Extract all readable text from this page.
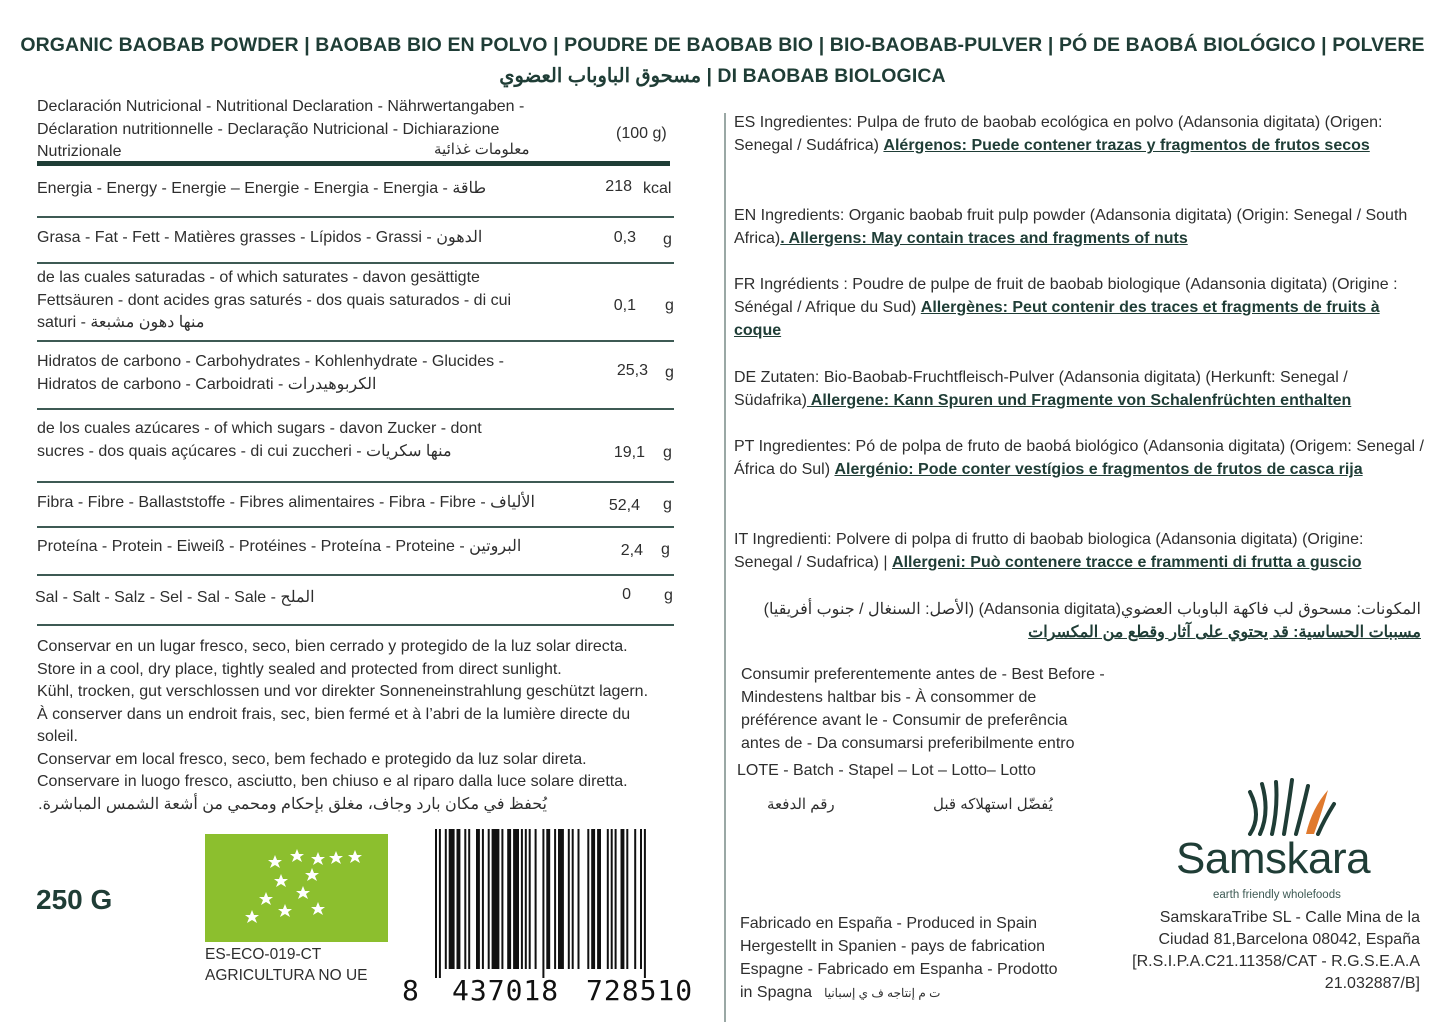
ORGANIC BAOBAB POWDER | BAOBAB BIO EN POLVO | POUDRE DE BAOBAB BIO | BIO-BAOBAB-PULVER | PÓ DE BAOBÁ BIOLÓGICO | POLVERE
مسحوق الباوباب العضوي | DI BAOBAB BIOLOGICA
Declaración Nutricional - Nutritional Declaration - Nährwertangaben -
Déclaration nutritionnelle - Declaração Nutricional - Dichiarazione
Nutrizionale	معلومات غذائية
(100 g)
Energia - Energy - Energie – Energie - Energia - Energia - طاقة	218 kcal
Grasa - Fat - Fett - Matières grasses - Lípidos - Grassi - الدهون	0,3 g
de las cuales saturadas - of which saturates - davon gesättigte
Fettsäuren - dont acides gras saturés - dos quais saturados - di cui
saturi - منها دهون مشبعة
0,1 g
Hidratos de carbono - Carbohydrates - Kohlenhydrate - Glucides -
Hidratos de carbono - Carboidrati - الكربوهيدرات
25,3 g
de los cuales azúcares - of which sugars - davon Zucker - dont
sucres - dos quais açúcares - di cui zuccheri - منها سكريات	19,1 g
Fibra - Fibre - Ballaststoffe - Fibres alimentaires - Fibra - Fibre - الألياف	52,4 g
Proteína - Protein - Eiweiß - Protéines - Proteína - Proteine - البروتين	2,4 g
Sal - Salt - Salz - Sel - Sal - Sale - الملح	0 g
Conservar en un lugar fresco, seco, bien cerrado y protegido de la luz solar directa.
Store in a cool, dry place, tightly sealed and protected from direct sunlight.
Kühl, trocken, gut verschlossen und vor direkter Sonneneinstrahlung geschützt lagern.
À conserver dans un endroit frais, sec, bien fermé et à l’abri de la lumière directe du
soleil.
Conservar em local fresco, seco, bem fechado e protegido da luz solar direta.
Conservare in luogo fresco, asciutto, ben chiuso e al riparo dalla luce solare diretta.
يُحفظ في مكان بارد وجاف، مغلق بإحكام ومحمي من أشعة الشمس المباشرة.
250 G
ES-ECO-019-CT
AGRICULTURA NO UE 8 437018 728510
ES Ingredientes: Pulpa de fruto de baobab ecológica en polvo (Adansonia digitata) (Origen: Senegal / Sudáfrica) Alérgenos: Puede contener trazas y fragmentos de frutos secos
EN Ingredients: Organic baobab fruit pulp powder (Adansonia digitata) (Origin: Senegal / South Africa). Allergens: May contain traces and fragments of nuts
FR Ingrédients : Poudre de pulpe de fruit de baobab biologique (Adansonia digitata) (Origine : Sénégal / Afrique du Sud) Allergènes: Peut contenir des traces et fragments de fruits à coque
DE Zutaten: Bio-Baobab-Fruchtfleisch-Pulver (Adansonia digitata) (Herkunft: Senegal / Südafrika) Allergene: Kann Spuren und Fragmente von Schalenfrüchten enthalten
PT Ingredientes: Pó de polpa de fruto de baobá biológico (Adansonia digitata) (Origem: Senegal / África do Sul) Alergénio: Pode conter vestígios e fragmentos de frutos de casca rija
IT Ingredienti: Polvere di polpa di frutto di baobab biologica (Adansonia digitata) (Origine: Senegal / Sudafrica) | Allergeni: Può contenere tracce e frammenti di frutta a guscio
المكونات: مسحوق لب فاكهة الباوباب العضوي(Adansonia digitata) (الأصل: السنغال / جنوب أفريقيا) مسببات الحساسية: قد يحتوي على آثار وقطع من المكسرات
Consumir preferentemente antes de - Best Before -
Mindestens haltbar bis - À consommer de
préférence avant le - Consumir de preferência
antes de - Da consumarsi preferibilmente entro
LOTE - Batch - Stapel – Lot – Lotto– Lotto
رقم الدفعة	يُفضّل استهلاكه قبل
Fabricado en España - Produced in Spain
Hergestellt in Spanien - pays de fabrication
Espagne - Fabricado em Espanha - Prodotto
in Spagna ت م إنتاجه ف ي إسبانيا
Samskara
earth friendly wholefoods
SamskaraTribe SL - Calle Mina de la
Ciudad 81,Barcelona 08042, España
[R.S.I.P.A.C21.11358/CAT - R.G.S.E.A.A
21.032887/B]
